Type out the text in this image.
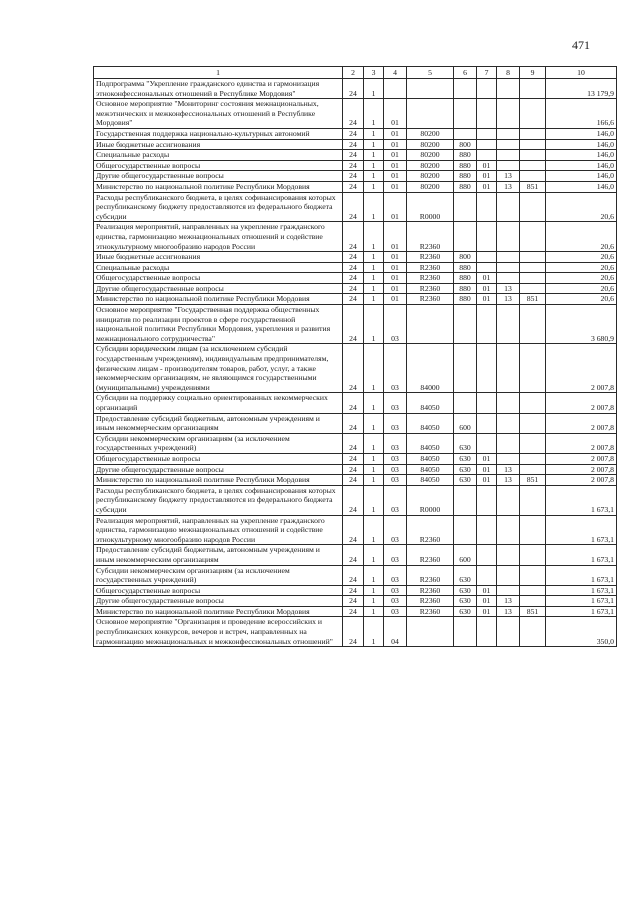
471
1	2	3	4	5	6	7	8	9	10
Подпрограмма "Укрепление гражданского единства и гармонизация этноконфессиональных отношений в Республике Мордовия"	24	1							13 179,9
Основное мероприятие "Мониторинг состояния межнациональных, межэтнических и межконфессиональных отношений в Республике Мордовия"	24	1	01						166,6
Государственная поддержка национально-культурных автономий	24	1	01	80200					146,0
Иные бюджетные ассигнования	24	1	01	80200	800				146,0
Специальные расходы	24	1	01	80200	880				146,0
Общегосударственные вопросы	24	1	01	80200	880	01			146,0
Другие общегосударственные вопросы	24	1	01	80200	880	01	13		146,0
Министерство по национальной политике Республики Мордовия	24	1	01	80200	880	01	13	851	146,0
Расходы республиканского бюджета, в целях софинансирования которых республиканскому бюджету предоставляются из федерального бюджета субсидии	24	1	01	R0000					20,6
Реализация мероприятий, направленных на укрепление гражданского единства, гармонизацию межнациональных отношений и содействие этнокультурному многообразию народов России	24	1	01	R2360					20,6
Иные бюджетные ассигнования	24	1	01	R2360	800				20,6
Специальные расходы	24	1	01	R2360	880				20,6
Общегосударственные вопросы	24	1	01	R2360	880	01			20,6
Другие общегосударственные вопросы	24	1	01	R2360	880	01	13		20,6
Министерство по национальной политике Республики Мордовия	24	1	01	R2360	880	01	13	851	20,6
Основное мероприятие "Государственная поддержка общественных инициатив по реализации проектов в сфере государственной национальной политики Республики Мордовия, укрепления и развития межнационального сотрудничества"	24	1	03						3 680,9
Субсидии юридическим лицам (за исключением субсидий государственным учреждениям), индивидуальным предпринимателям, физическим лицам - производителям товаров, работ, услуг, а также некоммерческим организациям, не являющимся государственными (муниципальными) учреждениями	24	1	03	84000					2 007,8
Субсидии на поддержку социально ориентированных некоммерческих организаций	24	1	03	84050					2 007,8
Предоставление субсидий бюджетным, автономным учреждениям и иным некоммерческим организациям	24	1	03	84050	600				2 007,8
Субсидии некоммерческим организациям (за исключением государственных учреждений)	24	1	03	84050	630				2 007,8
Общегосударственные вопросы	24	1	03	84050	630	01			2 007,8
Другие общегосударственные вопросы	24	1	03	84050	630	01	13		2 007,8
Министерство по национальной политике Республики Мордовия	24	1	03	84050	630	01	13	851	2 007,8
Расходы республиканского бюджета, в целях софинансирования которых республиканскому бюджету предоставляются из федерального бюджета субсидии	24	1	03	R0000					1 673,1
Реализация мероприятий, направленных на укрепление гражданского единства, гармонизацию межнациональных отношений и содействие этнокультурному многообразию народов России	24	1	03	R2360					1 673,1
Предоставление субсидий бюджетным, автономным учреждениям и иным некоммерческим организациям	24	1	03	R2360	600				1 673,1
Субсидии некоммерческим организациям (за исключением государственных учреждений)	24	1	03	R2360	630				1 673,1
Общегосударственные вопросы	24	1	03	R2360	630	01			1 673,1
Другие общегосударственные вопросы	24	1	03	R2360	630	01	13		1 673,1
Министерство по национальной политике Республики Мордовия	24	1	03	R2360	630	01	13	851	1 673,1
Основное мероприятие "Организация и проведение всероссийских и республиканских конкурсов, вечеров и встреч, направленных на гармонизацию межнациональных и межконфессиональных отношений"	24	1	04						350,0
